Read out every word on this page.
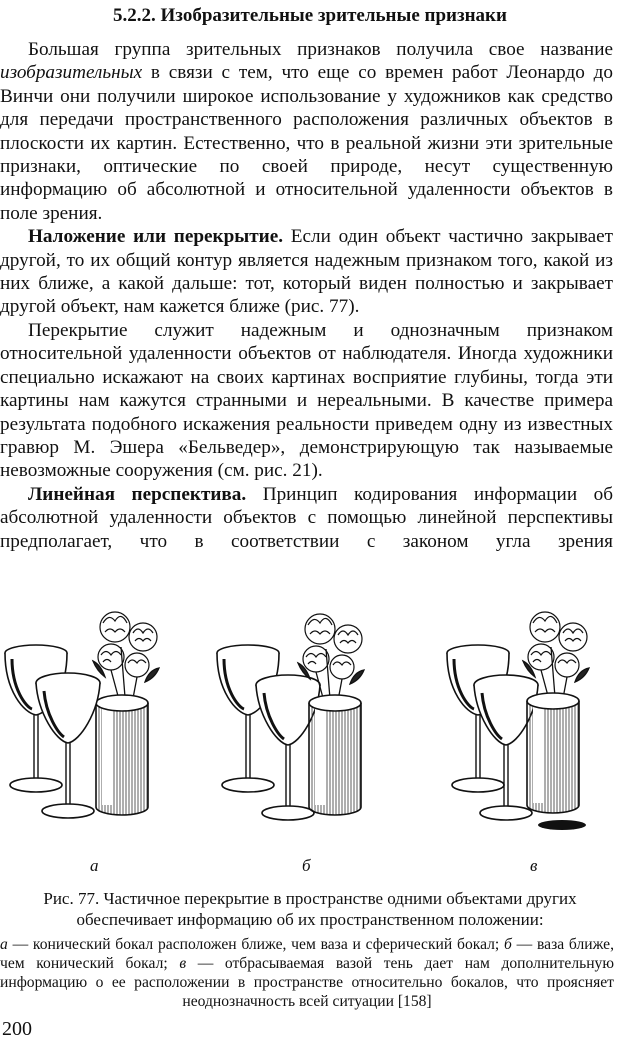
5.2.2. Изобразительные зрительные признаки

Большая группа зрительных признаков получила свое название изобразительных в связи с тем, что еще со времен работ Леонардо до Винчи они получили широкое использование у художников как средство для передачи пространственного расположения различных объектов в плоскости их картин. Естественно, что в реальной жизни эти зрительные признаки, оптические по своей природе, несут существенную информацию об абсолютной и относительной удаленности объектов в поле зрения.

Наложение или перекрытие. Если один объект частично закрывает другой, то их общий контур является надежным признаком того, какой из них ближе, а какой дальше: тот, который виден полностью и закрывает другой объект, нам кажется ближе (рис. 77).

Перекрытие служит надежным и однозначным признаком относительной удаленности объектов от наблюдателя. Иногда художники специально искажают на своих картинах восприятие глубины, тогда эти картины нам кажутся странными и нереальными. В качестве примера результата подобного искажения реальности приведем одну из известных гравюр М. Эшера «Бельведер», демонстрирующую так называемые невозможные сооружения (см. рис. 21).

Линейная перспектива. Принцип кодирования информации об абсолютной удаленности объектов с помощью линейной перспективы предполагает, что в соответствии с законом угла зрения

а	б	в
Рис. 77. Частичное перекрытие в пространстве одними объектами других обеспечивает информацию об их пространственном положении:
а — конический бокал расположен ближе, чем ваза и сферический бокал; б — ваза ближе, чем конический бокал; в — отбрасываемая вазой тень дает нам дополнительную информацию о ее расположении в пространстве относительно бокалов, что проясняет неоднозначность всей ситуации [158]
200
